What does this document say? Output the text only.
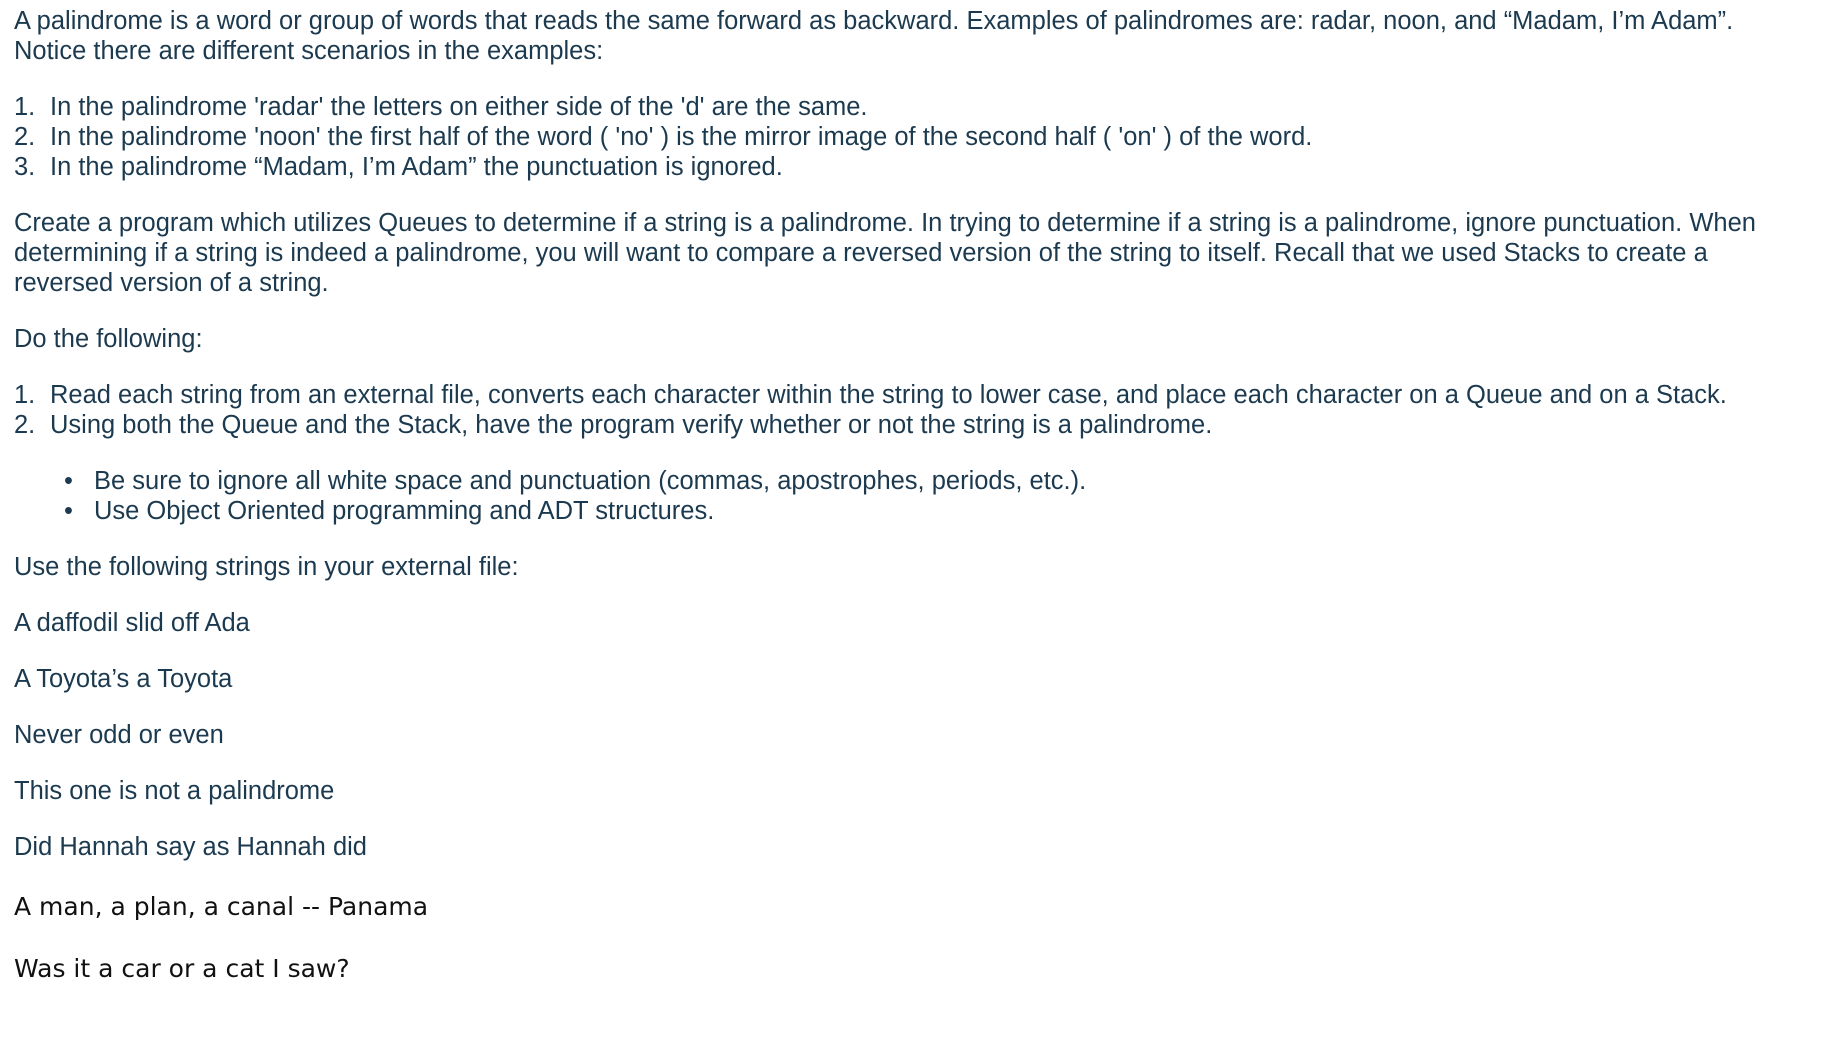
A palindrome is a word or group of words that reads the same forward as backward. Examples of palindromes are: radar, noon, and “Madam, I’m Adam”.
Notice there are different scenarios in the examples:

1. In the palindrome 'radar' the letters on either side of the 'd' are the same.
2. In the palindrome 'noon' the first half of the word ( 'no' ) is the mirror image of the second half ( 'on' ) of the word.
3. In the palindrome “Madam, I’m Adam” the punctuation is ignored.

Create a program which utilizes Queues to determine if a string is a palindrome. In trying to determine if a string is a palindrome, ignore punctuation. When
determining if a string is indeed a palindrome, you will want to compare a reversed version of the string to itself. Recall that we used Stacks to create a
reversed version of a string.

Do the following:

1. Read each string from an external file, converts each character within the string to lower case, and place each character on a Queue and on a Stack.
2. Using both the Queue and the Stack, have the program verify whether or not the string is a palindrome.
• Be sure to ignore all white space and punctuation (commas, apostrophes, periods, etc.).
• Use Object Oriented programming and ADT structures.

Use the following strings in your external file:

A daffodil slid off Ada

A Toyota’s a Toyota

Never odd or even

This one is not a palindrome

Did Hannah say as Hannah did

A man, a plan, a canal -- Panama

Was it a car or a cat I saw?
